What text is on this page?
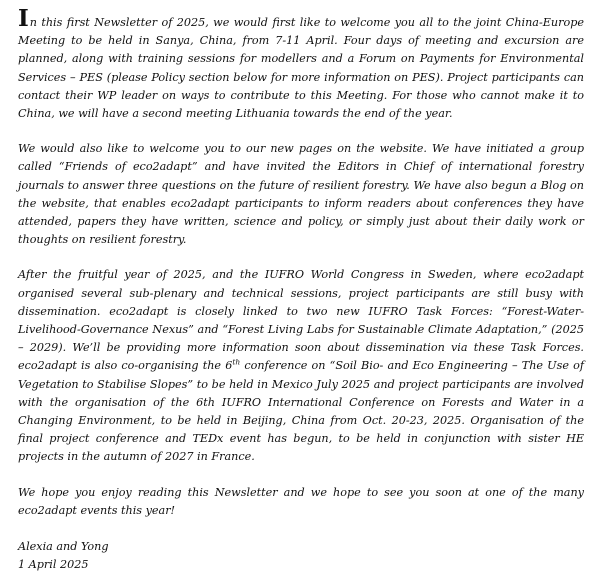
In this first Newsletter of 2025, we would first like to welcome you all to the joint China-Europe Meeting to be held in Sanya, China, from 7-11 April. Four days of meeting and excursion are planned, along with training sessions for modellers and a Forum on Payments for Environmental Services – PES (please Policy section below for more information on PES). Project participants can contact their WP leader on ways to contribute to this Meeting. For those who cannot make it to China, we will have a second meeting Lithuania towards the end of the year.

We would also like to welcome you to our new pages on the website. We have initiated a group called “Friends of eco2adapt” and have invited the Editors in Chief of international forestry journals to answer three questions on the future of resilient forestry. We have also begun a Blog on the website, that enables eco2adapt participants to inform readers about conferences they have attended, papers they have written, science and policy, or simply just about their daily work or thoughts on resilient forestry.

After the fruitful year of 2025, and the IUFRO World Congress in Sweden, where eco2adapt organised several sub-plenary and technical sessions, project participants are still busy with dissemination. eco2adapt is closely linked to two new IUFRO Task Forces: “Forest-Water-Livelihood-Governance Nexus” and “Forest Living Labs for Sustainable Climate Adaptation,” (2025 – 2029). We’ll be providing more information soon about dissemination via these Task Forces. eco2adapt is also co-organising the 6th conference on “Soil Bio- and Eco Engineering – The Use of Vegetation to Stabilise Slopes” to be held in Mexico July 2025 and project participants are involved with the organisation of the 6th IUFRO International Conference on Forests and Water in a Changing Environment, to be held in Beijing, China from Oct. 20-23, 2025. Organisation of the final project conference and TEDx event has begun, to be held in conjunction with sister HE projects in the autumn of 2027 in France.

We hope you enjoy reading this Newsletter and we hope to see you soon at one of the many eco2adapt events this year!

Alexia and Yong

1 April 2025
